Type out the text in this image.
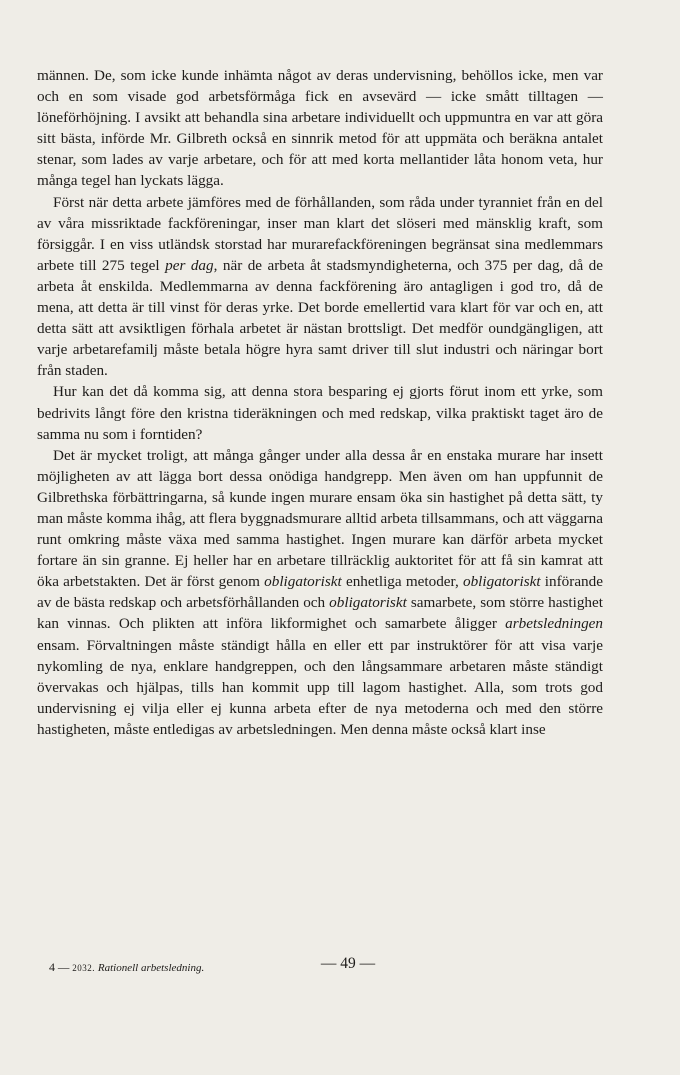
männen. De, som icke kunde inhämta något av deras undervisning, behöllos icke, men var och en som visade god arbetsförmåga fick en avsevärd — icke smått tilltagen — löneförhöjning. I avsikt att behandla sina arbetare individuellt och uppmuntra en var att göra sitt bästa, införde Mr. Gilbreth också en sinnrik metod för att uppmäta och beräkna antalet stenar, som lades av varje arbetare, och för att med korta mellantider låta honom veta, hur många tegel han lyckats lägga.

Först när detta arbete jämföres med de förhållanden, som råda under tyranniet från en del av våra missriktade fackföreningar, inser man klart det slöseri med mänsklig kraft, som försiggår. I en viss utländsk storstad har murarefackföreningen begränsat sina medlemmars arbete till 275 tegel per dag, när de arbeta åt stadsmyndigheterna, och 375 per dag, då de arbeta åt enskilda. Medlemmarna av denna fackförening äro antagligen i god tro, då de mena, att detta är till vinst för deras yrke. Det borde emellertid vara klart för var och en, att detta sätt att avsiktligen förhala arbetet är nästan brottsligt. Det medför oundgängligen, att varje arbetarefamilj måste betala högre hyra samt driver till slut industri och näringar bort från staden.

Hur kan det då komma sig, att denna stora besparing ej gjorts förut inom ett yrke, som bedrivits långt före den kristna tideräkningen och med redskap, vilka praktiskt taget äro de samma nu som i forntiden?

Det är mycket troligt, att många gånger under alla dessa år en enstaka murare har insett möjligheten av att lägga bort dessa onödiga handgrepp. Men även om han uppfunnit de Gilbrethska förbättringarna, så kunde ingen murare ensam öka sin hastighet på detta sätt, ty man måste komma ihåg, att flera byggnadsmurare alltid arbeta tillsammans, och att väggarna runt omkring måste växa med samma hastighet. Ingen murare kan därför arbeta mycket fortare än sin granne. Ej heller har en arbetare tillräcklig auktoritet för att få sin kamrat att öka arbetstakten. Det är först genom obligatoriskt enhetliga metoder, obligatoriskt införande av de bästa redskap och arbetsförhållanden och obligatoriskt samarbete, som större hastighet kan vinnas. Och plikten att införa likformighet och samarbete åligger arbetsledningen ensam. Förvaltningen måste ständigt hålla en eller ett par instruktörer för att visa varje nykomling de nya, enklare handgreppen, och den långsammare arbetaren måste ständigt övervakas och hjälpas, tills han kommit upp till lagom hastighet. Alla, som trots god undervisning ej vilja eller ej kunna arbeta efter de nya metoderna och med den större hastigheten, måste entledigas av arbetsledningen. Men denna måste också klart inse

4 — 2032. Rationell arbetsledning.	— 49 —
